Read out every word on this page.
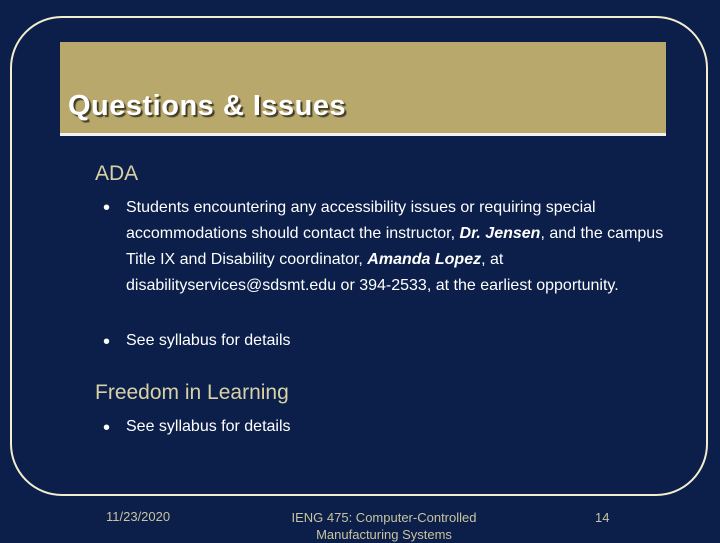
Questions & Issues
ADA
• Students encountering any accessibility issues or requiring special accommodations should contact the instructor, Dr. Jensen, and the campus Title IX and Disability coordinator, Amanda Lopez, at disabilityservices@sdsmt.edu or 394-2533, at the earliest opportunity.
• See syllabus for details
Freedom in Learning
• See syllabus for details
11/23/2020	IENG 475: Computer-Controlled Manufacturing Systems
14
